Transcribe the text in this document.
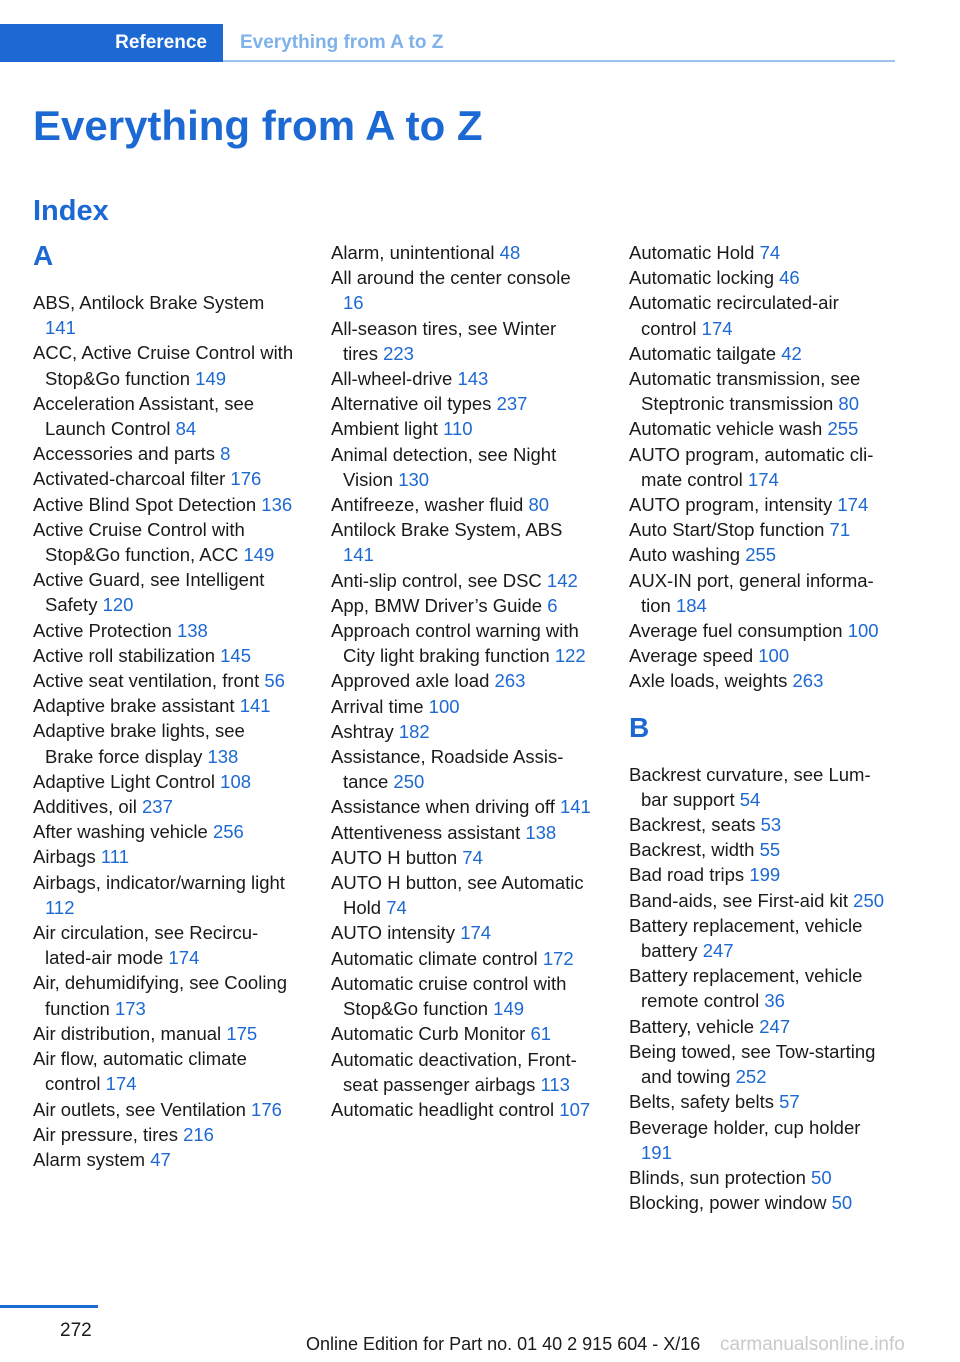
Reference	Everything from A to Z
Everything from A to Z
Index
A
ABS, Antilock Brake System 141
ACC, Active Cruise Control with Stop&Go function 149
Acceleration Assistant, see Launch Control 84
Accessories and parts 8
Activated-charcoal filter 176
Active Blind Spot Detection 136
Active Cruise Control with Stop&Go function, ACC 149
Active Guard, see Intelligent Safety 120
Active Protection 138
Active roll stabilization 145
Active seat ventilation, front 56
Adaptive brake assistant 141
Adaptive brake lights, see Brake force display 138
Adaptive Light Control 108
Additives, oil 237
After washing vehicle 256
Airbags 111
Airbags, indicator/warning light 112
Air circulation, see Recirculated-air mode 174
Air, dehumidifying, see Cooling function 173
Air distribution, manual 175
Air flow, automatic climate control 174
Air outlets, see Ventilation 176
Air pressure, tires 216
Alarm system 47
Alarm, unintentional 48
All around the center console 16
All-season tires, see Winter tires 223
All-wheel-drive 143
Alternative oil types 237
Ambient light 110
Animal detection, see Night Vision 130
Antifreeze, washer fluid 80
Antilock Brake System, ABS 141
Anti-slip control, see DSC 142
App, BMW Driver’s Guide 6
Approach control warning with City light braking function 122
Approved axle load 263
Arrival time 100
Ashtray 182
Assistance, Roadside Assistance 250
Assistance when driving off 141
Attentiveness assistant 138
AUTO H button 74
AUTO H button, see Automatic Hold 74
AUTO intensity 174
Automatic climate control 172
Automatic cruise control with Stop&Go function 149
Automatic Curb Monitor 61
Automatic deactivation, Front-seat passenger airbags 113
Automatic headlight control 107
Automatic Hold 74
Automatic locking 46
Automatic recirculated-air control 174
Automatic tailgate 42
Automatic transmission, see Steptronic transmission 80
Automatic vehicle wash 255
AUTO program, automatic climate control 174
AUTO program, intensity 174
Auto Start/Stop function 71
Auto washing 255
AUX-IN port, general information 184
Average fuel consumption 100
Average speed 100
Axle loads, weights 263
B
Backrest curvature, see Lumbar support 54
Backrest, seats 53
Backrest, width 55
Bad road trips 199
Band-aids, see First-aid kit 250
Battery replacement, vehicle battery 247
Battery replacement, vehicle remote control 36
Battery, vehicle 247
Being towed, see Tow-starting and towing 252
Belts, safety belts 57
Beverage holder, cup holder 191
Blinds, sun protection 50
Blocking, power window 50
272
Online Edition for Part no. 01 40 2 915 604 - X/16 carmanualsonline.info
